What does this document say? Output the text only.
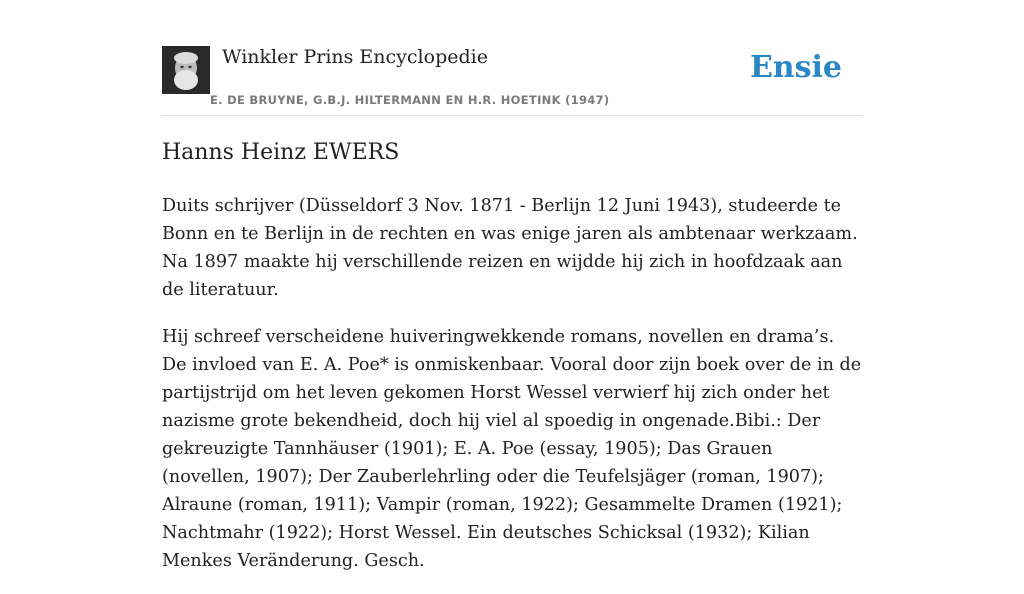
Winkler Prins Encyclopedie
E. DE BRUYNE, G.B.J. HILTERMANN EN H.R. HOETINK (1947)
Ensie
Hanns Heinz EWERS

Duits schrijver (Düsseldorf 3 Nov. 1871 - Berlijn 12 Juni 1943), studeerde te Bonn en te Berlijn in de rechten en was enige jaren als ambtenaar werkzaam. Na 1897 maakte hij verschillende reizen en wijdde hij zich in hoofdzaak aan de literatuur.

Hij schreef verscheidene huiveringwekkende romans, novellen en drama’s. De invloed van E. A. Poe* is onmiskenbaar. Vooral door zijn boek over de in de partijstrijd om het leven gekomen Horst Wessel verwierf hij zich onder het nazisme grote bekendheid, doch hij viel al spoedig in ongenade.Bibi.: Der gekreuzigte Tannhäuser (1901); E. A. Poe (essay, 1905); Das Grauen (novellen, 1907); Der Zauberlehrling oder die Teufelsjäger (roman, 1907); Alraune (roman, 1911); Vampir (roman, 1922); Gesammelte Dramen (1921); Nachtmahr (1922); Horst Wessel. Ein deutsches Schicksal (1932); Kilian Menkes Veränderung. Gesch.
